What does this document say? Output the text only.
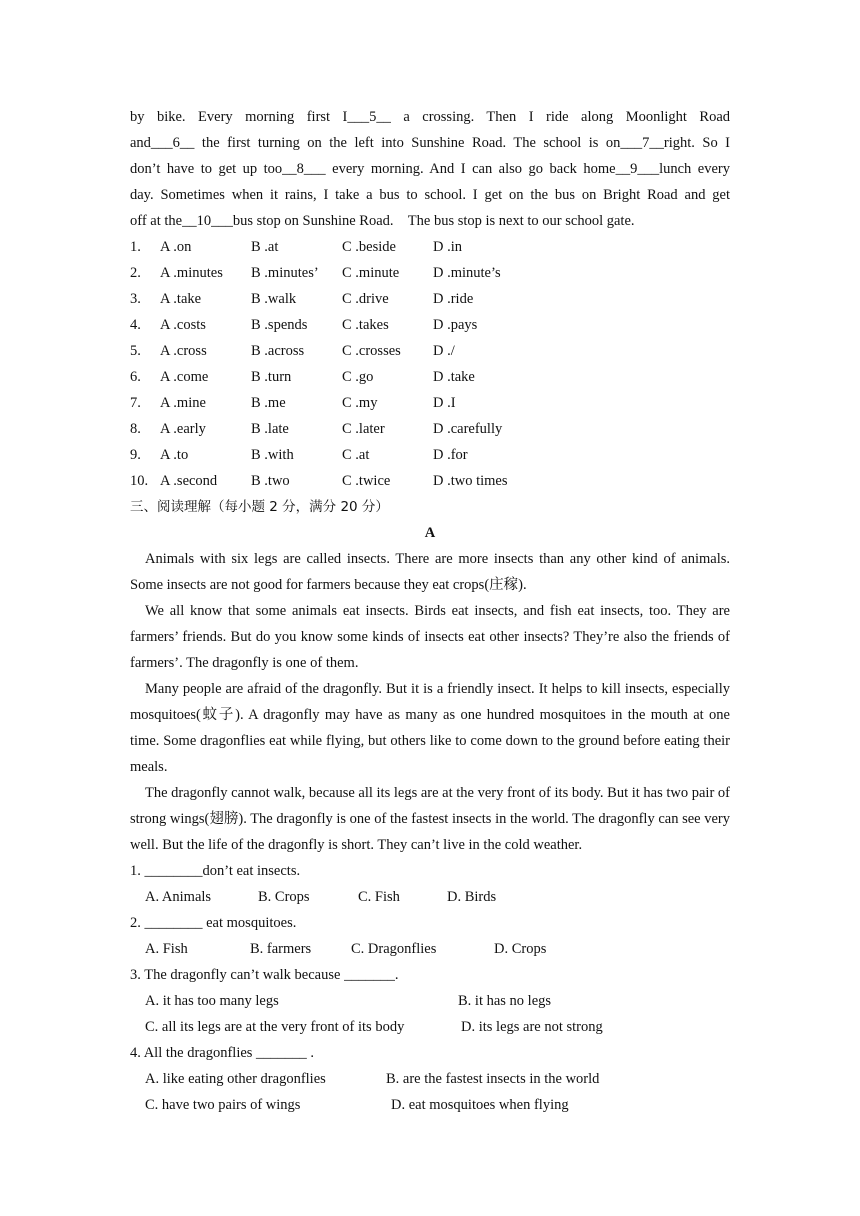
by bike. Every morning first I___5__ a crossing. Then I ride along Moonlight Road
and___6__ the first turning on the left into Sunshine Road. The school is on___7__right. So I
don’t have to get up too__8___ every morning. And I can also go back home__9___lunch every
day. Sometimes when it rains, I take a bus to school. I get on the bus on Bright Road and get
off at the__10___bus stop on Sunshine Road.    The bus stop is next to our school gate.
1. A .on	B .at	C .beside	D .in
2. A .minutes B .minutes’ C .minute D .minute’s
3. A .take	B .walk	C .drive	D .ride
4. A .costs	B .spends C .takes	D .pays
5. A .cross	B .across	C .crosses D ./
6. A .come	B .turn	C .go	D .take
7. A .mine	B .me	C .my	D .I
8. A .early	B .late	C .later	D .carefully
9. A .to	B .with	C .at	D .for
10. A .second B .two	C .twice	D .two times
三、阅读理解（每小题 2 分，满分 20 分）
A
Animals with six legs are called insects. There are more insects than any other kind of animals. Some insects are not good for farmers because they eat crops(庄稼).
We all know that some animals eat insects. Birds eat insects, and fish eat insects, too. They are farmers’ friends. But do you know some kinds of insects eat other insects? They’re also the friends of farmers’. The dragonfly is one of them.
Many people are afraid of the dragonfly. But it is a friendly insect. It helps to kill insects, especially mosquitoes(蚊子). A dragonfly may have as many as one hundred mosquitoes in the mouth at one time. Some dragonflies eat while flying, but others like to come down to the ground before eating their meals.
The dragonfly cannot walk, because all its legs are at the very front of its body. But it has two pair of strong wings(翅膀). The dragonfly is one of the fastest insects in the world. The dragonfly can see very well. But the life of the dragonfly is short. They can’t live in the cold weather.
1. ________don’t eat insects.
A. Animals	B. Crops	C. Fish	D. Birds
2. ________ eat mosquitoes.
A. Fish	B. farmers	C. Dragonflies	D. Crops
3. The dragonfly can’t walk because _______.
A. it has too many legs	B. it has no legs
C. all its legs are at the very front of its body	D. its legs are not strong
4. All the dragonflies _______ .
A. like eating other dragonflies	B. are the fastest insects in the world
C. have two pairs of wings	D. eat mosquitoes when flying
